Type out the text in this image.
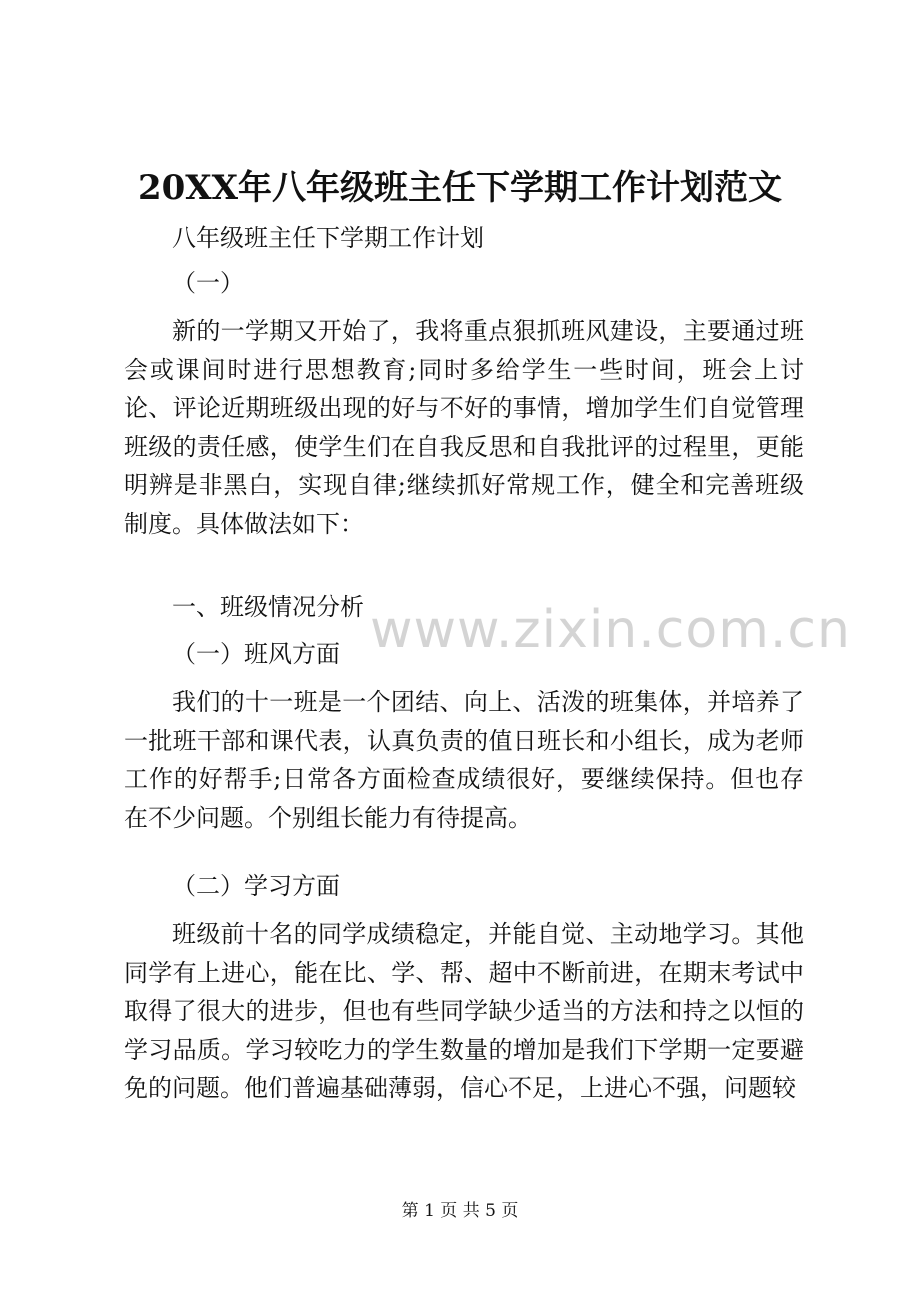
20XX年八年级班主任下学期工作计划范文
八年级班主任下学期工作计划
（一）
新的一学期又开始了，我将重点狠抓班风建设，主要通过班会或课间时进行思想教育;同时多给学生一些时间，班会上讨论、评论近期班级出现的好与不好的事情，增加学生们自觉管理班级的责任感，使学生们在自我反思和自我批评的过程里，更能明辨是非黑白，实现自律;继续抓好常规工作，健全和完善班级制度。具体做法如下：
一、班级情况分析
（一）班风方面
我们的十一班是一个团结、向上、活泼的班集体，并培养了一批班干部和课代表，认真负责的值日班长和小组长，成为老师工作的好帮手;日常各方面检查成绩很好，要继续保持。但也存在不少问题。个别组长能力有待提高。
（二）学习方面
班级前十名的同学成绩稳定，并能自觉、主动地学习。其他同学有上进心，能在比、学、帮、超中不断前进，在期末考试中取得了很大的进步，但也有些同学缺少适当的方法和持之以恒的学习品质。学习较吃力的学生数量的增加是我们下学期一定要避免的问题。他们普遍基础薄弱，信心不足，上进心不强，问题较
www.zixin.com.cn
第 1 页 共 5 页
